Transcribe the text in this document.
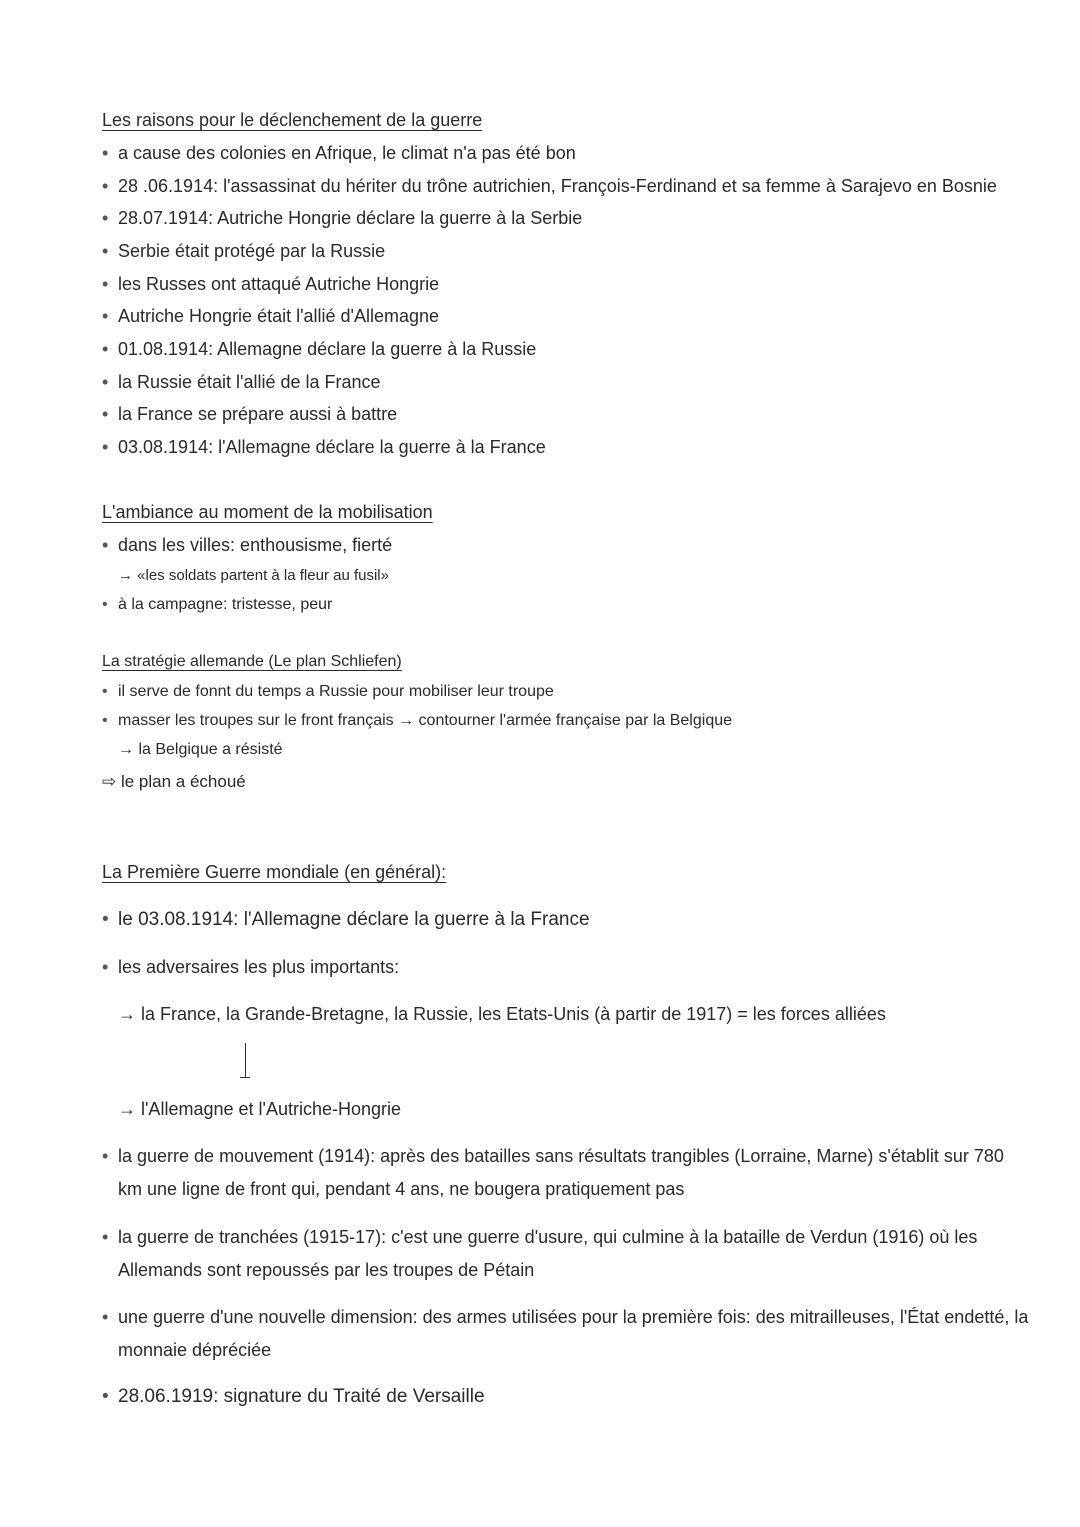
Les raisons pour le déclenchement de la guerre
• a cause des colonies en Afrique, le climat n'a pas été bon
• 28 .06.1914: l'assassinat du hériter du trône autrichien, François-Ferdinand et sa femme à Sarajevo en Bosnie
• 28.07.1914: Autriche Hongrie déclare la guerre à la Serbie
• Serbie était protégé par la Russie
• les Russes ont attaqué Autriche Hongrie
• Autriche Hongrie était l'allié d'Allemagne
• 01.08.1914: Allemagne déclare la guerre à la Russie
• la Russie était l'allié de la France
• la France se prépare aussi à battre
• 03.08.1914: l'Allemagne déclare la guerre à la France
L'ambiance au moment de la mobilisation
• dans les villes: enthousisme, fierté
→ «les soldats partent à la fleur au fusil»
• à la campagne: tristesse, peur
La stratégie allemande (Le plan Schliefen)
• il serve de fonnt du temps a Russie pour mobiliser leur troupe
• masser les troupes sur le front français → contourner l'armée française par la Belgique
→ la Belgique a résisté
⇨ le plan a échoué
La Première Guerre mondiale (en général):
• le 03.08.1914: l'Allemagne déclare la guerre à la France
• les adversaires les plus importants:
→ la France, la Grande-Bretagne, la Russie, les Etats-Unis (à partir de 1917) = les forces alliées
→ l'Allemagne et l'Autriche-Hongrie
• la guerre de mouvement (1914): après des batailles sans résultats trangibles (Lorraine, Marne) s'établit sur 780
km une ligne de front qui, pendant 4 ans, ne bougera pratiquement pas
• la guerre de tranchées (1915-17): c'est une guerre d'usure, qui culmine à la bataille de Verdun (1916) où les
Allemands sont repoussés par les troupes de Pétain
• une guerre d'une nouvelle dimension: des armes utilisées pour la première fois: des mitrailleuses, l'État endetté, la
monnaie dépréciée
• 28.06.1919: signature du Traité de Versaille
